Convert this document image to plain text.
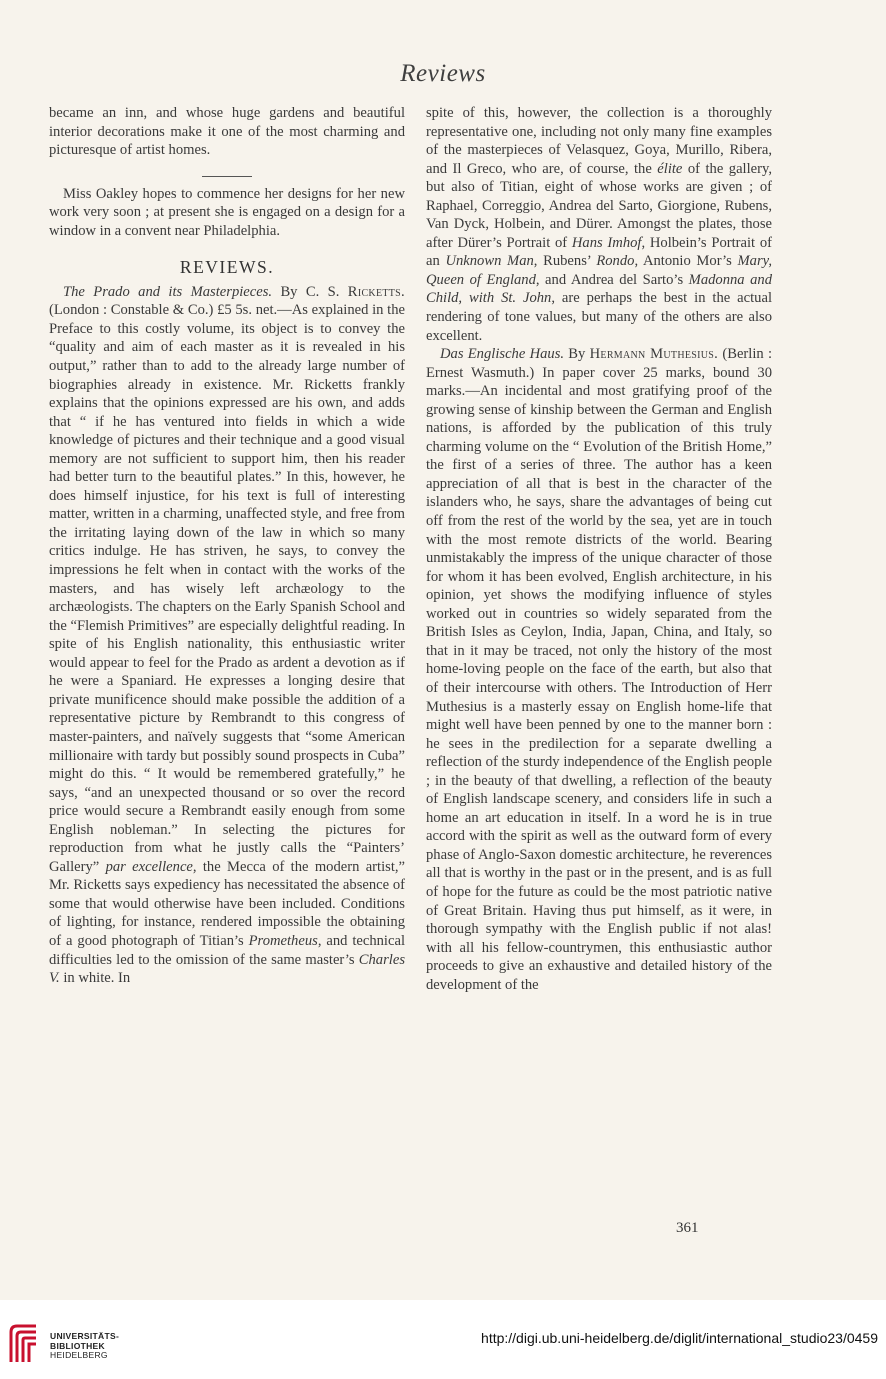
Reviews

became an inn, and whose huge gardens and beautiful interior decorations make it one of the most charming and picturesque of artist homes.

Miss Oakley hopes to commence her designs for her new work very soon ; at present she is engaged on a design for a window in a convent near Philadelphia.

REVIEWS.

The Prado and its Masterpieces. By C. S. Ricketts. (London : Constable & Co.) £5 5s. net.—As explained in the Preface to this costly volume, its object is to convey the “quality and aim of each master as it is revealed in his output,” rather than to add to the already large number of biographies already in existence. Mr. Ricketts frankly explains that the opinions expressed are his own, and adds that “ if he has ventured into fields in which a wide knowledge of pictures and their technique and a good visual memory are not sufficient to support him, then his reader had better turn to the beautiful plates.” In this, however, he does himself injustice, for his text is full of interesting matter, written in a charming, unaffected style, and free from the irritating laying down of the law in which so many critics indulge. He has striven, he says, to convey the impressions he felt when in contact with the works of the masters, and has wisely left archæology to the archæologists. The chapters on the Early Spanish School and the “Flemish Primitives” are especially delightful reading. In spite of his English nationality, this enthusiastic writer would appear to feel for the Prado as ardent a devotion as if he were a Spaniard. He expresses a longing desire that private munificence should make possible the addition of a representative picture by Rembrandt to this congress of master-painters, and naïvely suggests that “some American millionaire with tardy but possibly sound prospects in Cuba” might do this. “ It would be remembered gratefully,” he says, “and an unexpected thousand or so over the record price would secure a Rembrandt easily enough from some English nobleman.” In selecting the pictures for reproduction from what he justly calls the “Painters’ Gallery” par excellence, the Mecca of the modern artist,” Mr. Ricketts says expediency has necessitated the absence of some that would otherwise have been included. Conditions of lighting, for instance, rendered impossible the obtaining of a good photograph of Titian’s Prometheus, and technical difficulties led to the omission of the same master’s Charles V. in white. In

spite of this, however, the collection is a thoroughly representative one, including not only many fine examples of the masterpieces of Velasquez, Goya, Murillo, Ribera, and Il Greco, who are, of course, the élite of the gallery, but also of Titian, eight of whose works are given ; of Raphael, Correggio, Andrea del Sarto, Giorgione, Rubens, Van Dyck, Holbein, and Dürer. Amongst the plates, those after Dürer’s Portrait of Hans Imhof, Holbein’s Portrait of an Unknown Man, Rubens’ Rondo, Antonio Mor’s Mary, Queen of England, and Andrea del Sarto’s Madonna and Child, with St. John, are perhaps the best in the actual rendering of tone values, but many of the others are also excellent.

Das Englische Haus. By Hermann Muthesius. (Berlin : Ernest Wasmuth.) In paper cover 25 marks, bound 30 marks.—An incidental and most gratifying proof of the growing sense of kinship between the German and English nations, is afforded by the publication of this truly charming volume on the “ Evolution of the British Home,” the first of a series of three. The author has a keen appreciation of all that is best in the character of the islanders who, he says, share the advantages of being cut off from the rest of the world by the sea, yet are in touch with the most remote districts of the world. Bearing unmistakably the impress of the unique character of those for whom it has been evolved, English architecture, in his opinion, yet shows the modifying influence of styles worked out in countries so widely separated from the British Isles as Ceylon, India, Japan, China, and Italy, so that in it may be traced, not only the history of the most home-loving people on the face of the earth, but also that of their intercourse with others. The Introduction of Herr Muthesius is a masterly essay on English home-life that might well have been penned by one to the manner born : he sees in the predilection for a separate dwelling a reflection of the sturdy independence of the English people ; in the beauty of that dwelling, a reflection of the beauty of English landscape scenery, and considers life in such a home an art education in itself. In a word he is in true accord with the spirit as well as the outward form of every phase of Anglo-Saxon domestic architecture, he reverences all that is worthy in the past or in the present, and is as full of hope for the future as could be the most patriotic native of Great Britain. Having thus put himself, as it were, in thorough sympathy with the English public if not alas! with all his fellow-countrymen, this enthusiastic author proceeds to give an exhaustive and detailed history of the development of the

361
UNIVERSITÄTS-
BIBLIOTHEK
HEIDELBERG
http://digi.ub.uni-heidelberg.de/diglit/international_studio23/0459
